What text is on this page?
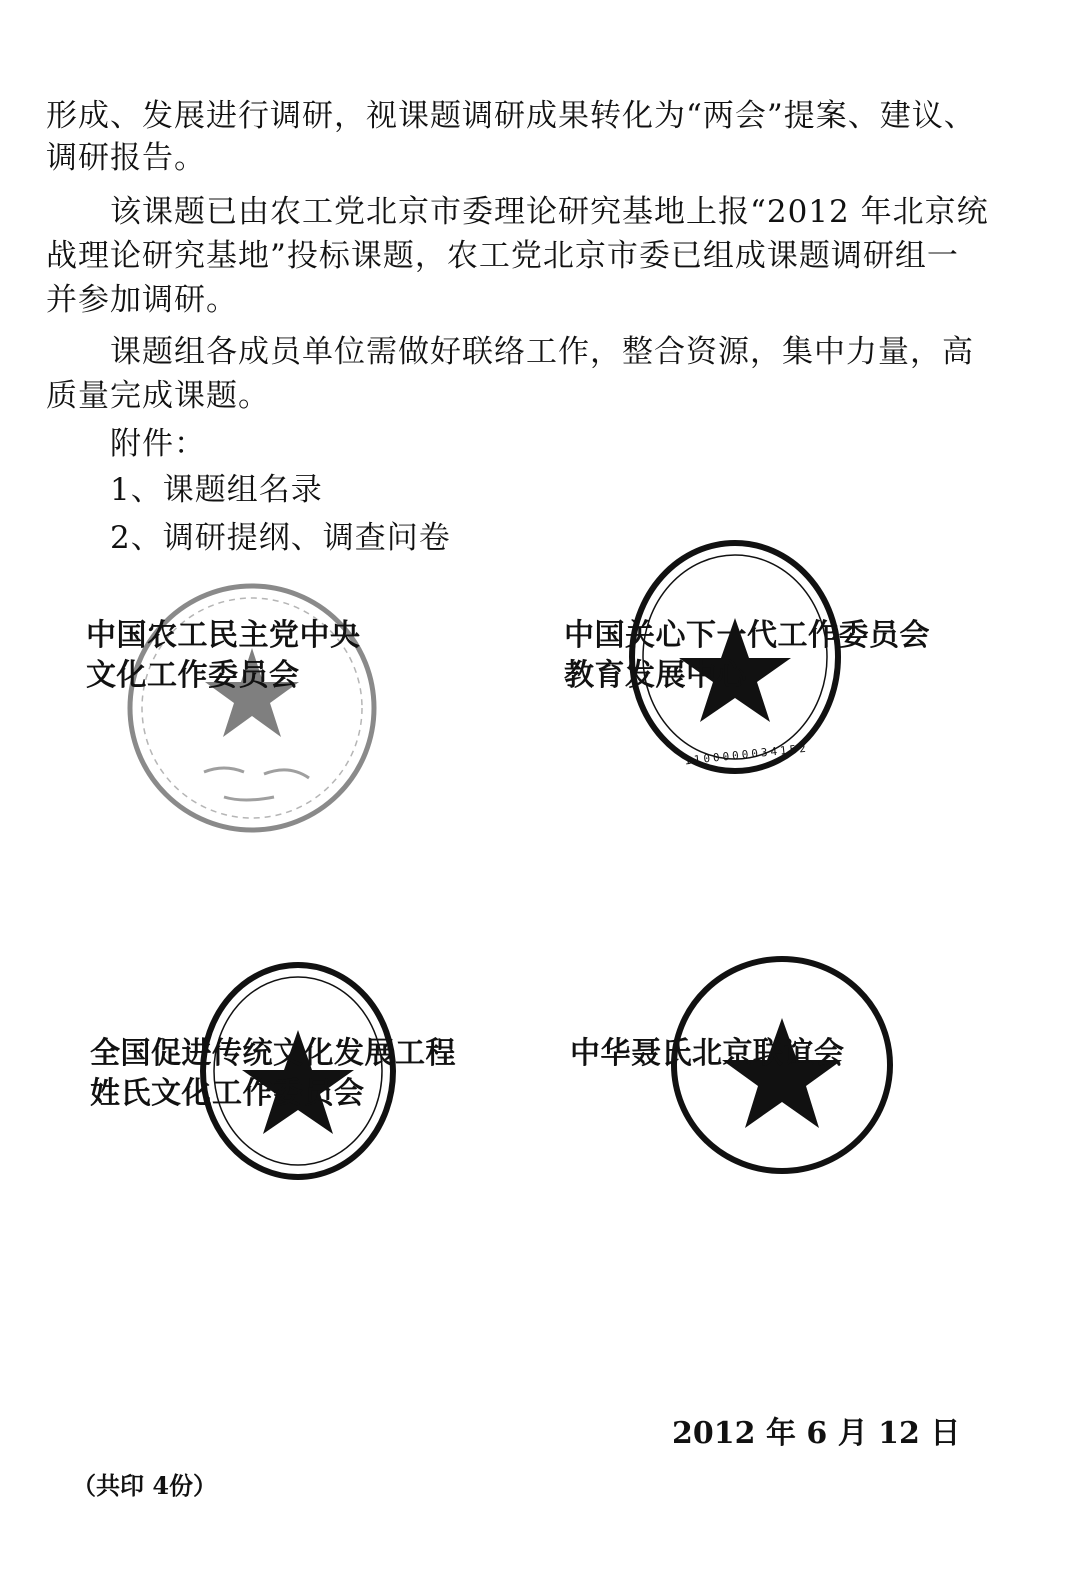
形成、发展进行调研，视课题调研成果转化为“两会”提案、建议、
调研报告。
　　该课题已由农工党北京市委理论研究基地上报“2012 年北京统
战理论研究基地”投标课题，农工党北京市委已组成课题调研组一
并参加调研。
　　课题组各成员单位需做好联络工作，整合资源，集中力量，高
质量完成课题。
　　附件：
　　1、课题组名录
　　2、调研提纲、调查问卷
1100000034152
中国农工民主党中央
文化工作委员会
中国关心下一代工作委员会
教育发展中心
全国促进传统文化发展工程
姓氏文化工作委员会
中华聂氏北京联谊会
2012 年 6 月 12 日
（共印 4份）
